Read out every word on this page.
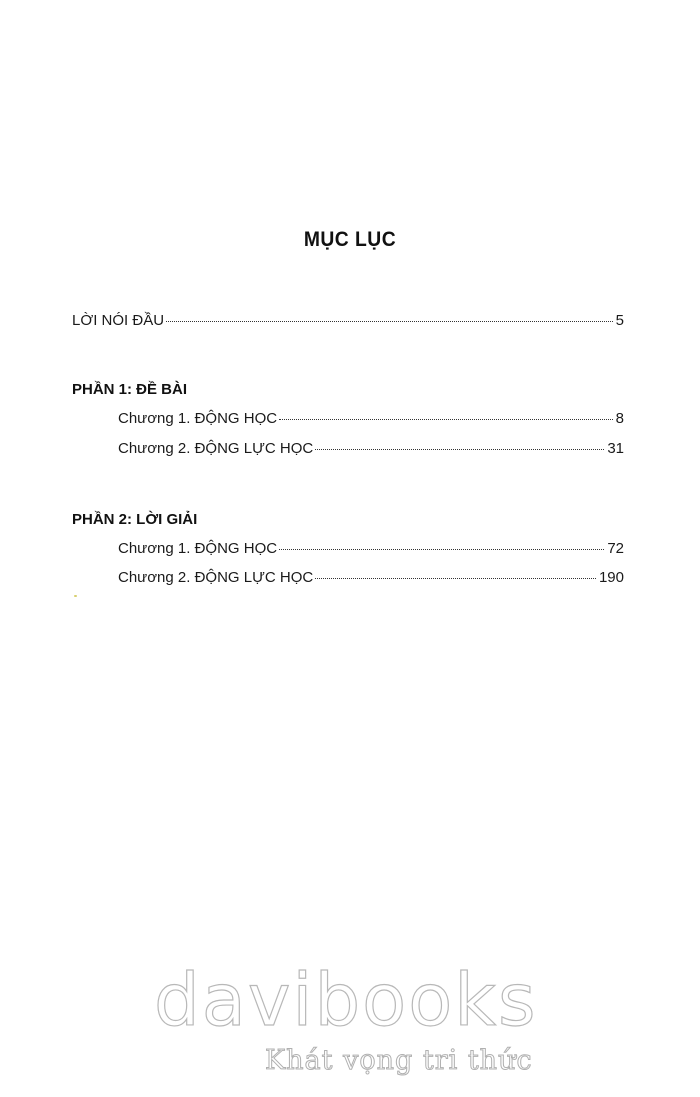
MỤC LỤC
LỜI NÓI ĐẦU	5
PHẦN 1: ĐỀ BÀI
Chương 1. ĐỘNG HỌC	8
Chương 2. ĐỘNG LỰC HỌC	31
PHẦN 2: LỜI GIẢI
Chương 1. ĐỘNG HỌC	72
Chương 2. ĐỘNG LỰC HỌC	190
davibooks
Khát vọng tri thức
